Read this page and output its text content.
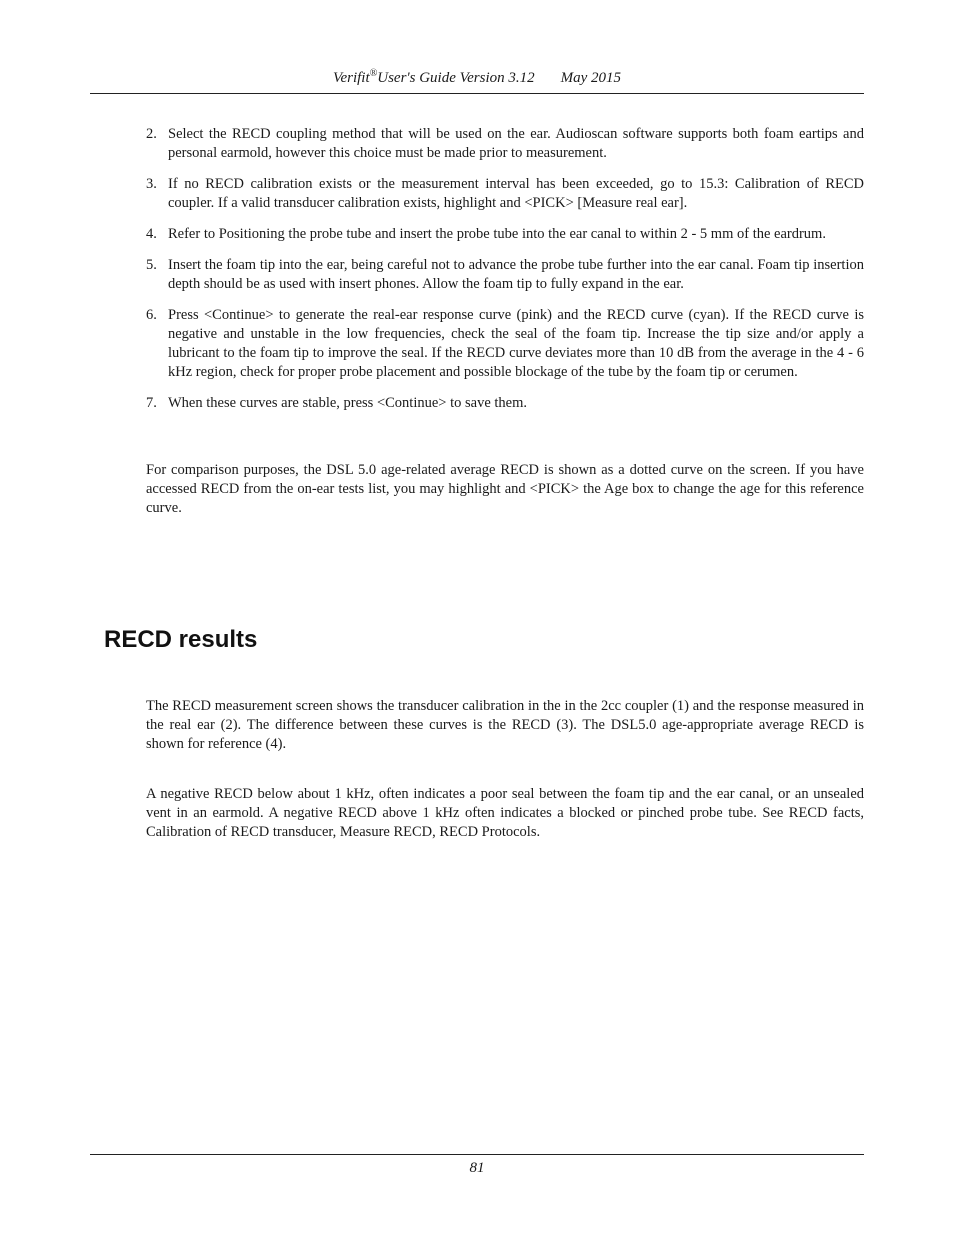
Verifit®User's Guide Version 3.12 May 2015
2. Select the RECD coupling method that will be used on the ear. Audioscan software supports both foam eartips and personal earmold, however this choice must be made prior to measurement.
3. If no RECD calibration exists or the measurement interval has been exceeded, go to 15.3: Calibration of RECD coupler. If a valid transducer calibration exists, highlight and <PICK> [Measure real ear].
4. Refer to Positioning the probe tube and insert the probe tube into the ear canal to within 2 - 5 mm of the eardrum.
5. Insert the foam tip into the ear, being careful not to advance the probe tube further into the ear canal. Foam tip insertion depth should be as used with insert phones. Allow the foam tip to fully expand in the ear.
6. Press <Continue> to generate the real-ear response curve (pink) and the RECD curve (cyan). If the RECD curve is negative and unstable in the low frequencies, check the seal of the foam tip. Increase the tip size and/or apply a lubricant to the foam tip to improve the seal. If the RECD curve deviates more than 10 dB from the average in the 4 - 6 kHz region, check for proper probe placement and possible blockage of the tube by the foam tip or cerumen.
7. When these curves are stable, press <Continue> to save them.

For comparison purposes, the DSL 5.0 age-related average RECD is shown as a dotted curve on the screen. If you have accessed RECD from the on-ear tests list, you may highlight and <PICK> the Age box to change the age for this reference curve.

RECD results

The RECD measurement screen shows the transducer calibration in the in the 2cc coupler (1) and the response measured in the real ear (2). The difference between these curves is the RECD (3). The DSL5.0 age-appropriate average RECD is shown for reference (4).

A negative RECD below about 1 kHz, often indicates a poor seal between the foam tip and the ear canal, or an unsealed vent in an earmold. A negative RECD above 1 kHz often indicates a blocked or pinched probe tube. See RECD facts, Calibration of RECD transducer, Measure RECD, RECD Protocols.

81
